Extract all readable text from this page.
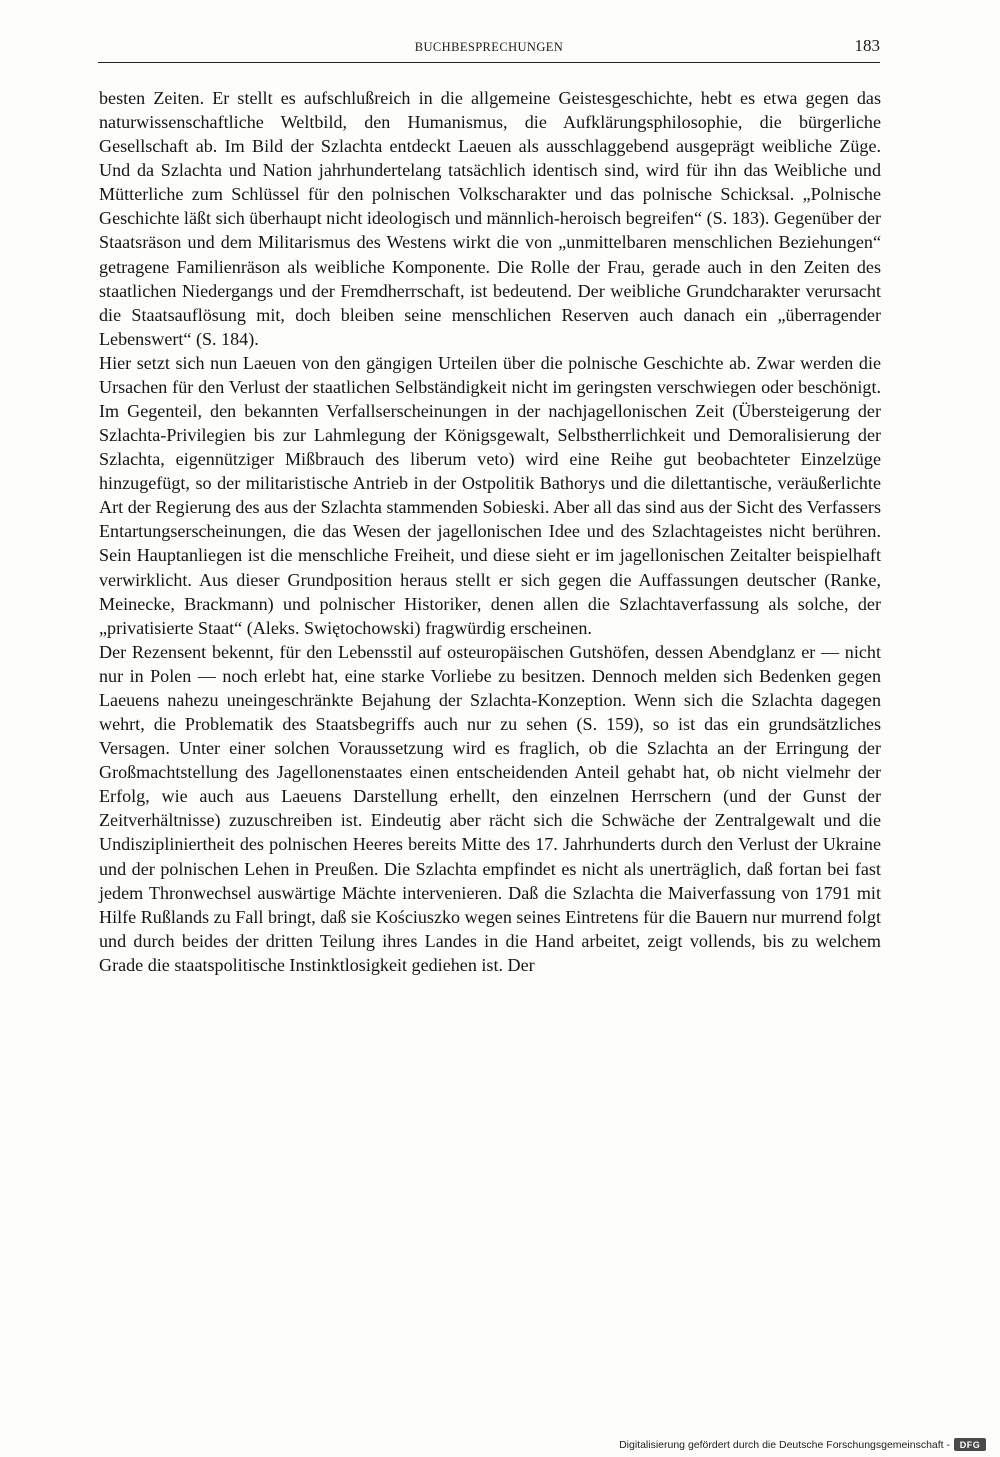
BUCHBESPRECHUNGEN	183

besten Zeiten. Er stellt es aufschlußreich in die allgemeine Geistesgeschichte, hebt es etwa gegen das naturwissenschaftliche Weltbild, den Humanismus, die Aufklärungsphilosophie, die bürgerliche Gesellschaft ab. Im Bild der Szlachta entdeckt Laeuen als ausschlaggebend ausgeprägt weibliche Züge. Und da Szlachta und Nation jahrhundertelang tatsächlich identisch sind, wird für ihn das Weibliche und Mütterliche zum Schlüssel für den polnischen Volkscharakter und das polnische Schicksal. „Polnische Geschichte läßt sich überhaupt nicht ideologisch und männlich-heroisch begreifen“ (S. 183). Gegenüber der Staatsräson und dem Militarismus des Westens wirkt die von „unmittelbaren menschlichen Beziehungen“ getragene Familienräson als weibliche Komponente. Die Rolle der Frau, gerade auch in den Zeiten des staatlichen Niedergangs und der Fremdherrschaft, ist bedeutend. Der weibliche Grundcharakter verursacht die Staatsauflösung mit, doch bleiben seine menschlichen Reserven auch danach ein „überragender Lebenswert“ (S. 184).

Hier setzt sich nun Laeuen von den gängigen Urteilen über die polnische Geschichte ab. Zwar werden die Ursachen für den Verlust der staatlichen Selbständigkeit nicht im geringsten verschwiegen oder beschönigt. Im Gegenteil, den bekannten Verfallserscheinungen in der nachjagellonischen Zeit (Übersteigerung der Szlachta-Privilegien bis zur Lahmlegung der Königsgewalt, Selbstherrlichkeit und Demoralisierung der Szlachta, eigennütziger Mißbrauch des liberum veto) wird eine Reihe gut beobachteter Einzelzüge hinzugefügt, so der militaristische Antrieb in der Ostpolitik Bathorys und die dilettantische, veräußerlichte Art der Regierung des aus der Szlachta stammenden Sobieski. Aber all das sind aus der Sicht des Verfassers Entartungserscheinungen, die das Wesen der jagellonischen Idee und des Szlachtageistes nicht berühren. Sein Hauptanliegen ist die menschliche Freiheit, und diese sieht er im jagellonischen Zeitalter beispielhaft verwirklicht. Aus dieser Grundposition heraus stellt er sich gegen die Auffassungen deutscher (Ranke, Meinecke, Brackmann) und polnischer Historiker, denen allen die Szlachtaverfassung als solche, der „privatisierte Staat“ (Aleks. Swiętochowski) fragwürdig erscheinen.

Der Rezensent bekennt, für den Lebensstil auf osteuropäischen Gutshöfen, dessen Abendglanz er — nicht nur in Polen — noch erlebt hat, eine starke Vorliebe zu besitzen. Dennoch melden sich Bedenken gegen Laeuens nahezu uneingeschränkte Bejahung der Szlachta-Konzeption. Wenn sich die Szlachta dagegen wehrt, die Problematik des Staatsbegriffs auch nur zu sehen (S. 159), so ist das ein grundsätzliches Versagen. Unter einer solchen Voraussetzung wird es fraglich, ob die Szlachta an der Erringung der Großmachtstellung des Jagellonenstaates einen entscheidenden Anteil gehabt hat, ob nicht vielmehr der Erfolg, wie auch aus Laeuens Darstellung erhellt, den einzelnen Herrschern (und der Gunst der Zeitverhältnisse) zuzuschreiben ist. Eindeutig aber rächt sich die Schwäche der Zentralgewalt und die Undiszipliniertheit des polnischen Heeres bereits Mitte des 17. Jahrhunderts durch den Verlust der Ukraine und der polnischen Lehen in Preußen. Die Szlachta empfindet es nicht als unerträglich, daß fortan bei fast jedem Thronwechsel auswärtige Mächte intervenieren. Daß die Szlachta die Maiverfassung von 1791 mit Hilfe Rußlands zu Fall bringt, daß sie Kościuszko wegen seines Eintretens für die Bauern nur murrend folgt und durch beides der dritten Teilung ihres Landes in die Hand arbeitet, zeigt vollends, bis zu welchem Grade die staatspolitische Instinktlosigkeit gediehen ist. Der

Digitalisierung gefördert durch die Deutsche Forschungsgemeinschaft -	DFG
